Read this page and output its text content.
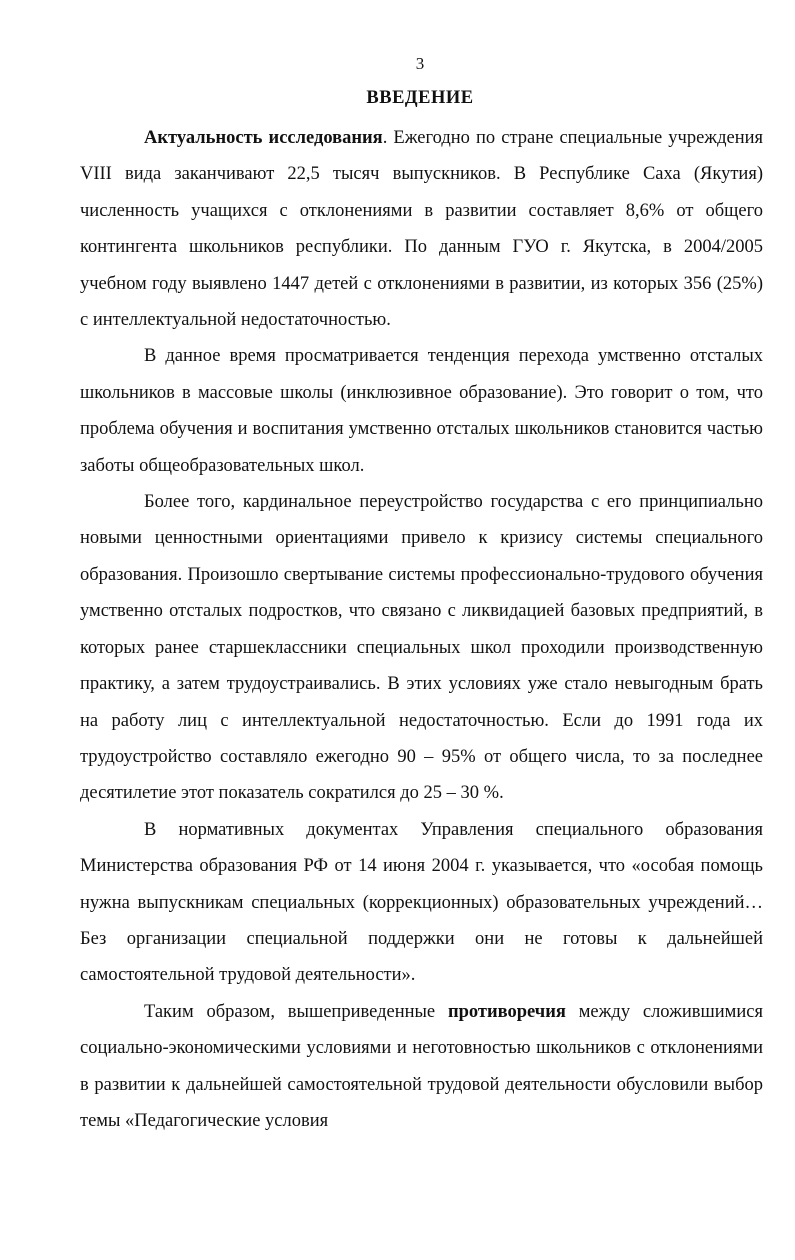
3
ВВЕДЕНИЕ

Актуальность исследования. Ежегодно по стране специальные учреждения VIII вида заканчивают 22,5 тысяч выпускников. В Республике Саха (Якутия) численность учащихся с отклонениями в развитии составляет 8,6% от общего контингента школьников республики. По данным ГУО г. Якутска, в 2004/2005 учебном году выявлено 1447 детей с отклонениями в развитии, из которых 356 (25%) с интеллектуальной недостаточностью.

В данное время просматривается тенденция перехода умственно отсталых школьников в массовые школы (инклюзивное образование). Это говорит о том, что проблема обучения и воспитания умственно отсталых школьников становится частью заботы общеобразовательных школ.

Более того, кардинальное переустройство государства с его принципиально новыми ценностными ориентациями привело к кризису системы специального образования. Произошло свертывание системы профессионально-трудового обучения умственно отсталых подростков, что связано с ликвидацией базовых предприятий, в которых ранее старшеклассники специальных школ проходили производственную практику, а затем трудоустраивались. В этих условиях уже стало невыгодным брать на работу лиц с интеллектуальной недостаточностью. Если до 1991 года их трудоустройство составляло ежегодно 90 – 95% от общего числа, то за последнее десятилетие этот показатель сократился до 25 – 30 %.

В нормативных документах Управления специального образования Министерства образования РФ от 14 июня 2004 г. указывается, что «особая помощь нужна выпускникам специальных (коррекционных) образовательных учреждений… Без организации специальной поддержки они не готовы к дальнейшей самостоятельной трудовой деятельности».

Таким образом, вышеприведенные противоречия между сложившимися социально-экономическими условиями и неготовностью школьников с отклонениями в развитии к дальнейшей самостоятельной трудовой деятельности обусловили выбор темы «Педагогические условия
